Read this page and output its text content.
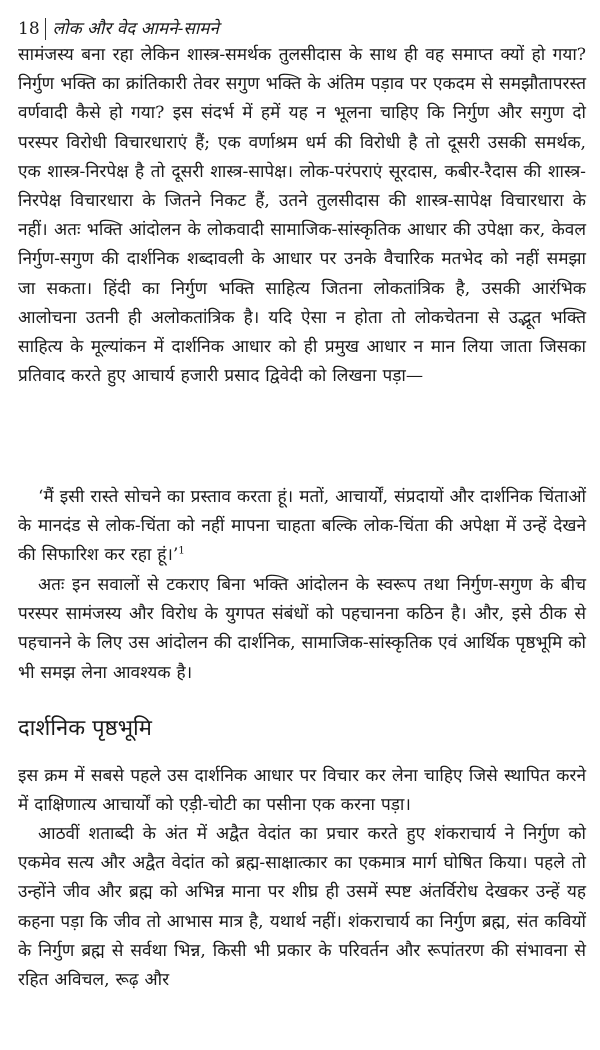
18 लोक और वेद आमने-सामने

सामंजस्य बना रहा लेकिन शास्त्र-समर्थक तुलसीदास के साथ ही वह समाप्त क्यों हो गया? निर्गुण भक्ति का क्रांतिकारी तेवर सगुण भक्ति के अंतिम पड़ाव पर एकदम से समझौतापरस्त वर्णवादी कैसे हो गया? इस संदर्भ में हमें यह न भूलना चाहिए कि निर्गुण और सगुण दो परस्पर विरोधी विचारधाराएं हैं; एक वर्णाश्रम धर्म की विरोधी है तो दूसरी उसकी समर्थक, एक शास्त्र-निरपेक्ष है तो दूसरी शास्त्र-सापेक्ष। लोक-परंपराएं सूरदास, कबीर-रैदास की शास्त्र-निरपेक्ष विचारधारा के जितने निकट हैं, उतने तुलसीदास की शास्त्र-सापेक्ष विचारधारा के नहीं। अतः भक्ति आंदोलन के लोकवादी सामाजिक-सांस्कृतिक आधार की उपेक्षा कर, केवल निर्गुण-सगुण की दार्शनिक शब्दावली के आधार पर उनके वैचारिक मतभेद को नहीं समझा जा सकता। हिंदी का निर्गुण भक्ति साहित्य जितना लोकतांत्रिक है, उसकी आरंभिक आलोचना उतनी ही अलोकतांत्रिक है। यदि ऐसा न होता तो लोकचेतना से उद्भूत भक्ति साहित्य के मूल्यांकन में दार्शनिक आधार को ही प्रमुख आधार न मान लिया जाता जिसका प्रतिवाद करते हुए आचार्य हजारी प्रसाद द्विवेदी को लिखना पड़ा—

‘मैं इसी रास्ते सोचने का प्रस्ताव करता हूं। मतों, आचार्यों, संप्रदायों और दार्शनिक चिंताओं के मानदंड से लोक-चिंता को नहीं मापना चाहता बल्कि लोक-चिंता की अपेक्षा में उन्हें देखने की सिफारिश कर रहा हूं।’$^1$

अतः इन सवालों से टकराए बिना भक्ति आंदोलन के स्वरूप तथा निर्गुण-सगुण के बीच परस्पर सामंजस्य और विरोध के युगपत संबंधों को पहचानना कठिन है। और, इसे ठीक से पहचानने के लिए उस आंदोलन की दार्शनिक, सामाजिक-सांस्कृतिक एवं आर्थिक पृष्ठभूमि को भी समझ लेना आवश्यक है।

दार्शनिक पृष्ठभूमि

इस क्रम में सबसे पहले उस दार्शनिक आधार पर विचार कर लेना चाहिए जिसे स्थापित करने में दाक्षिणात्य आचार्यों को एड़ी-चोटी का पसीना एक करना पड़ा।

आठवीं शताब्दी के अंत में अद्वैत वेदांत का प्रचार करते हुए शंकराचार्य ने निर्गुण को एकमेव सत्य और अद्वैत वेदांत को ब्रह्म-साक्षात्कार का एकमात्र मार्ग घोषित किया। पहले तो उन्होंने जीव और ब्रह्म को अभिन्न माना पर शीघ्र ही उसमें स्पष्ट अंतर्विरोध देखकर उन्हें यह कहना पड़ा कि जीव तो आभास मात्र है, यथार्थ नहीं। शंकराचार्य का निर्गुण ब्रह्म, संत कवियों के निर्गुण ब्रह्म से सर्वथा भिन्न, किसी भी प्रकार के परिवर्तन और रूपांतरण की संभावना से रहित अविचल, रूढ़ और
